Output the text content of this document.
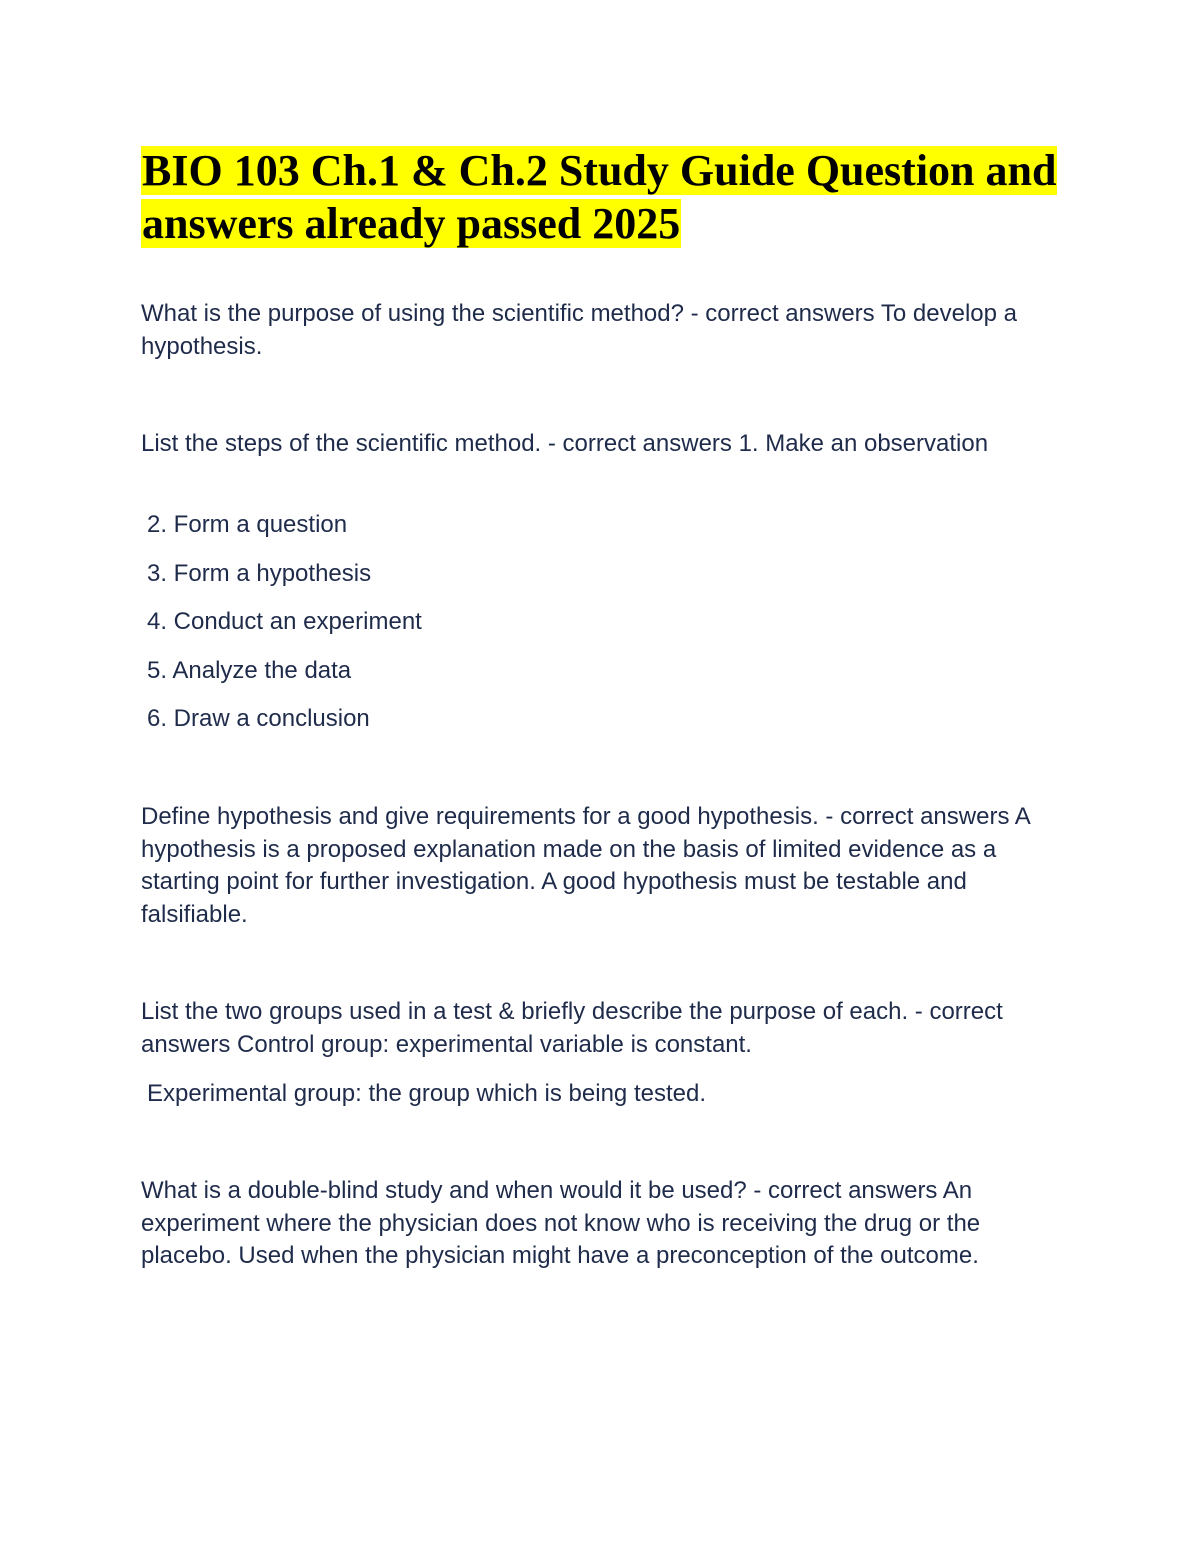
BIO 103 Ch.1 & Ch.2 Study Guide Question and answers already passed 2025

What is the purpose of using the scientific method? - correct answers To develop a hypothesis.

List the steps of the scientific method. - correct answers 1. Make an observation

2. Form a question

3. Form a hypothesis

4. Conduct an experiment

5. Analyze the data

6. Draw a conclusion

Define hypothesis and give requirements for a good hypothesis. - correct answers A hypothesis is a proposed explanation made on the basis of limited evidence as a starting point for further investigation. A good hypothesis must be testable and falsifiable.

List the two groups used in a test & briefly describe the purpose of each. - correct answers Control group: experimental variable is constant.

Experimental group: the group which is being tested.

What is a double-blind study and when would it be used? - correct answers An experiment where the physician does not know who is receiving the drug or the placebo. Used when the physician might have a preconception of the outcome.
